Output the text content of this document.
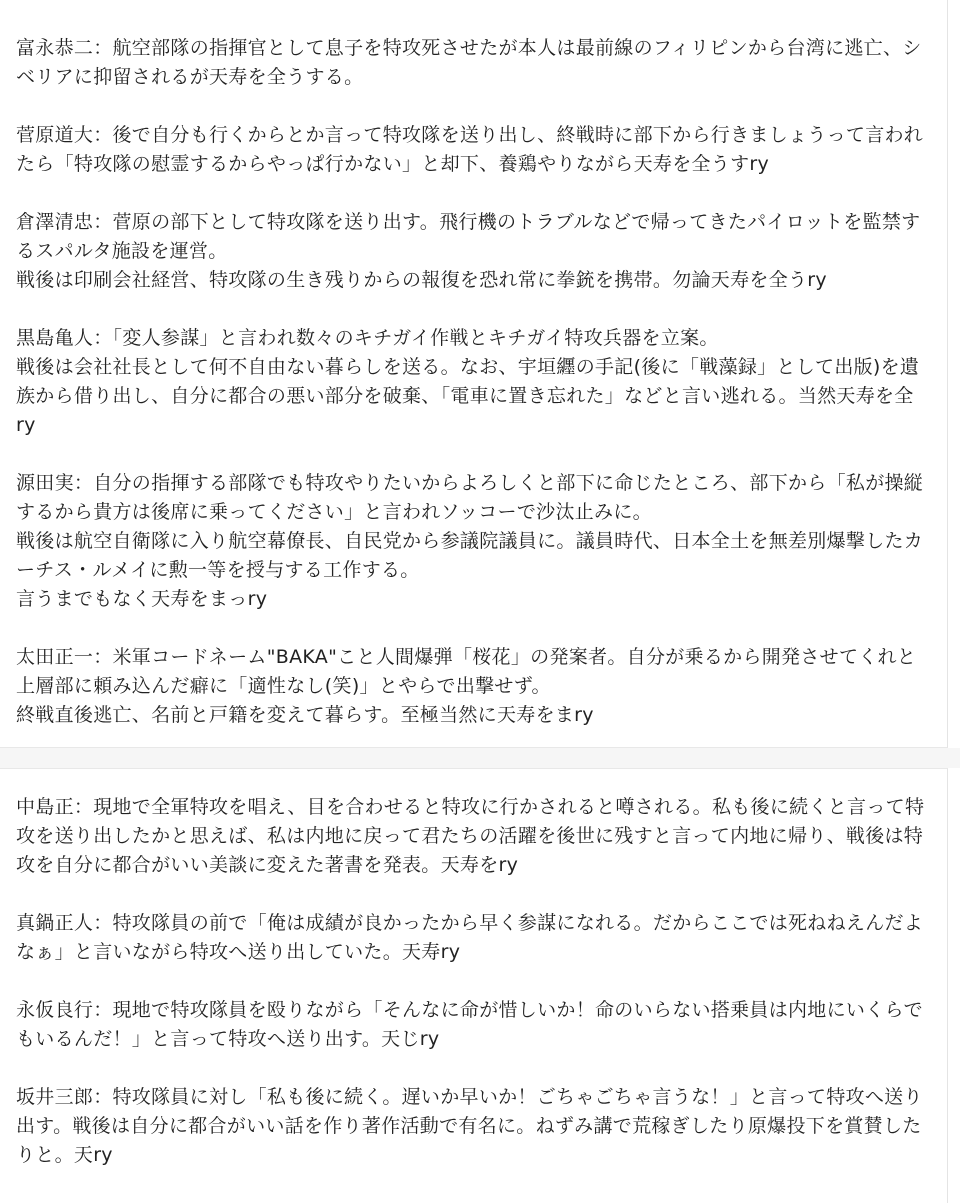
富永恭二：航空部隊の指揮官として息子を特攻死させたが本人は最前線のフィリピンから台湾に逃亡、シ
ベリアに抑留されるが天寿を全うする。
菅原道大：後で自分も行くからとか言って特攻隊を送り出し、終戦時に部下から行きましょうって言われ
たら「特攻隊の慰霊するからやっぱ行かない」と却下、養鶏やりながら天寿を全うすry
倉澤清忠：菅原の部下として特攻隊を送り出す。飛行機のトラブルなどで帰ってきたパイロットを監禁す
るスパルタ施設を運営。
戦後は印刷会社経営、特攻隊の生き残りからの報復を恐れ常に拳銃を携帯。勿論天寿を全うry
黒島亀人：「変人参謀」と言われ数々のキチガイ作戦とキチガイ特攻兵器を立案。
戦後は会社社長として何不自由ない暮らしを送る。なお、宇垣纒の手記(後に「戦藻録」として出版)を遺
族から借り出し、自分に都合の悪い部分を破棄、「電車に置き忘れた」などと言い逃れる。当然天寿を全
ry
源田実：自分の指揮する部隊でも特攻やりたいからよろしくと部下に命じたところ、部下から「私が操縦
するから貴方は後席に乗ってください」と言われソッコーで沙汰止みに。
戦後は航空自衛隊に入り航空幕僚長、自民党から参議院議員に。議員時代、日本全土を無差別爆撃したカ
ーチス・ルメイに勲一等を授与する工作する。
言うまでもなく天寿をまっry
太田正一：米軍コードネーム"BAKA"こと人間爆弾「桜花」の発案者。自分が乗るから開発させてくれと
上層部に頼み込んだ癖に「適性なし(笑)」とやらで出撃せず。
終戦直後逃亡、名前と戸籍を変えて暮らす。至極当然に天寿をまry
中島正：現地で全軍特攻を唱え、目を合わせると特攻に行かされると噂される。私も後に続くと言って特
攻を送り出したかと思えば、私は内地に戻って君たちの活躍を後世に残すと言って内地に帰り、戦後は特
攻を自分に都合がいい美談に変えた著書を発表。天寿をry
真鍋正人：特攻隊員の前で「俺は成績が良かったから早く参謀になれる。だからここでは死ねねえんだよ
なぁ」と言いながら特攻へ送り出していた。天寿ry
永仮良行：現地で特攻隊員を殴りながら「そんなに命が惜しいか！命のいらない搭乗員は内地にいくらで
もいるんだ！」と言って特攻へ送り出す。天じry
坂井三郎：特攻隊員に対し「私も後に続く。遅いか早いか！ごちゃごちゃ言うな！」と言って特攻へ送り
出す。戦後は自分に都合がいい話を作り著作活動で有名に。ねずみ講で荒稼ぎしたり原爆投下を賞賛した
りと。天ry
